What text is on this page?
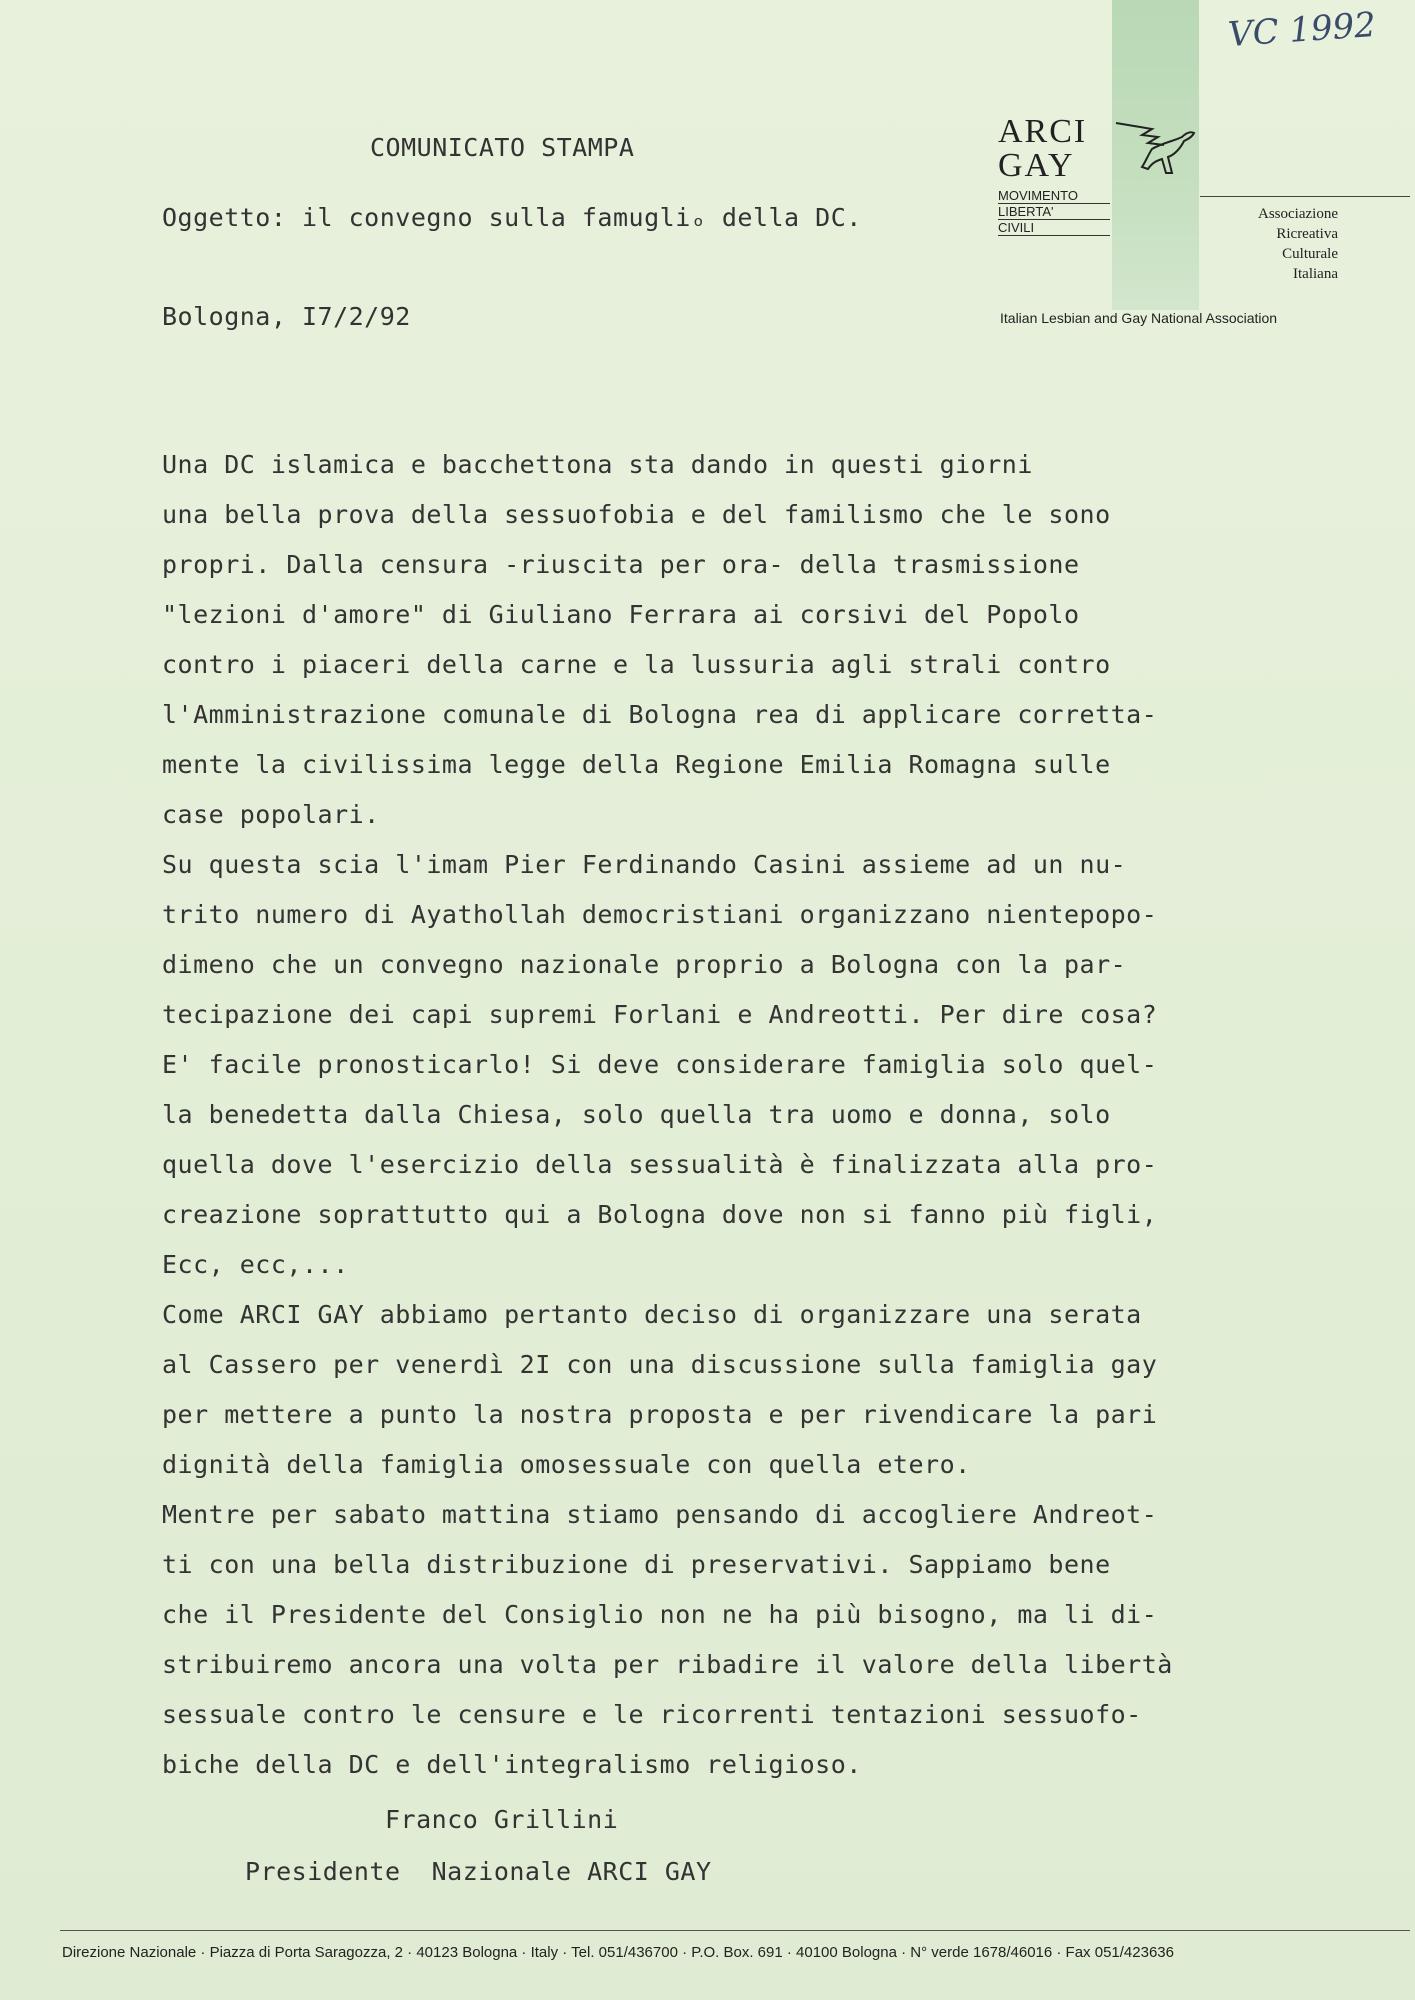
VC 1992
ARCI
GAY
MOVIMENTO
LIBERTA'
CIVILI
Associazione
Ricreativa
Culturale
Italiana
Italian Lesbian and Gay National Association
COMUNICATO STAMPA
Oggetto: il convegno sulla famugliₒ della DC.
Bologna, I7/2/92
Una DC islamica e bacchettona sta dando in questi giorni
una bella prova della sessuofobia e del familismo che le sono
propri. Dalla censura -riuscita per ora- della trasmissione
"lezioni d'amore" di Giuliano Ferrara ai corsivi del Popolo
contro i piaceri della carne e la lussuria agli strali contro
l'Amministrazione comunale di Bologna rea di applicare corretta-
mente la civilissima legge della Regione Emilia Romagna sulle
case popolari.
Su questa scia l'imam Pier Ferdinando Casini assieme ad un nu-
trito numero di Ayathollah democristiani organizzano nientepopo-
dimeno che un convegno nazionale proprio a Bologna con la par-
tecipazione dei capi supremi Forlani e Andreotti. Per dire cosa?
E' facile pronosticarlo! Si deve considerare famiglia solo quel-
la benedetta dalla Chiesa, solo quella tra uomo e donna, solo
quella dove l'esercizio della sessualità è finalizzata alla pro-
creazione soprattutto qui a Bologna dove non si fanno più figli,
Ecc, ecc,...
Come ARCI GAY abbiamo pertanto deciso di organizzare una serata
al Cassero per venerdì 2I con una discussione sulla famiglia gay
per mettere a punto la nostra proposta e per rivendicare la pari
dignità della famiglia omosessuale con quella etero.
Mentre per sabato mattina stiamo pensando di accogliere Andreot-
ti con una bella distribuzione di preservativi. Sappiamo bene
che il Presidente del Consiglio non ne ha più bisogno, ma li di-
stribuiremo ancora una volta per ribadire il valore della libertà
sessuale contro le censure e le ricorrenti tentazioni sessuofo-
biche della DC e dell'integralismo religioso.
Franco Grillini
Presidente  Nazionale ARCI GAY
Direzione Nazionale · Piazza di Porta Saragozza, 2 · 40123 Bologna · Italy · Tel. 051/436700 · P.O. Box. 691 · 40100 Bologna · N° verde 1678/46016 · Fax 051/423636
